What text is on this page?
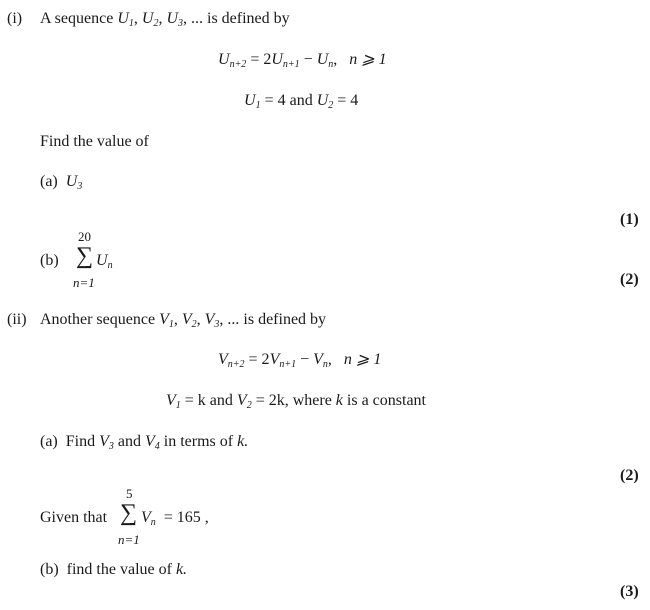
(i) A sequence $U_1$, $U_2$, $U_3$, ... is defined by
$U_{n+2} = 2U_{n+1} - U_n$,   n ⩾ 1
$U_1 = 4$ and $U_2 = 4$
Find the value of
(a) $U_3$
(1)
(b)
20
∑ $U_n$
n=1	(2)
(ii) Another sequence $V_1$, $V_2$, $V_3$, ... is defined by
$V_{n+2} = 2V_{n+1} - V_n$,   n ⩾ 1
$V_1 = k$ and $V_2 = 2k$, where k is a constant
(a) Find $V_3$ and $V_4$ in terms of k.
(2)
Given that
5
∑ $V_n = 165$ ,
n=1
(b) find the value of k.
(3)
